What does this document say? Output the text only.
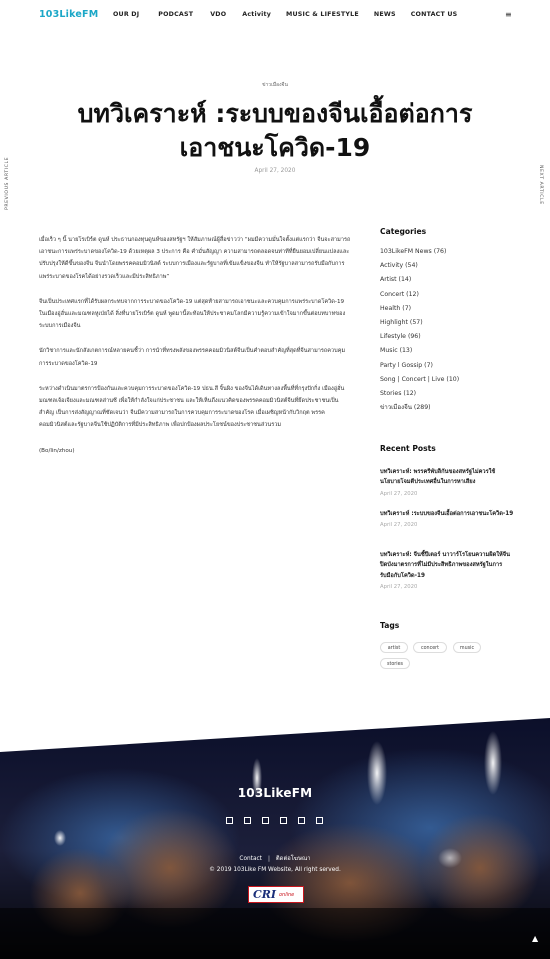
103LikeFM OUR DJ	PODCAST	VDO	Activity MUSIC & LIFESTYLE NEWS CONTACT US	≡
PREVIOUS ARTICLE	NEXT ARTICLE
ข่าวเมืองจีน
บทวิเคราะห์ :ระบบของจีนเอื้อต่อการเอาชนะโควิด-19
April 27, 2020

เมื่อเร็ว ๆ นี้ นายโรเบิร์ต ดูนห์ ประธานกองทุนดูนห์ของสหรัฐฯ ให้สัมภาษณ์ผู้สื่อข่าวว่า “ผมมีความมั่นใจตั้งแต่แรกว่า จีนจะสามารถเอาชนะการแพร่ระบาดของโควิด-19 ด้วยเหตุผล 3 ประการ คือ คำมั่นสัญญา ความสามารถตลอดจนท่าทีที่ยืนยอมเปลี่ยนแปลงและปรับปรุงให้ดีขึ้นของจีน จีนนำโดยพรรคคอมมิวนิสต์ ระบบการเมืองและรัฐบาลที่เข้มแข็งของจีน ทำให้รัฐบาลสามารถรับมือกับการแพร่ระบาดของโรคได้อย่างรวดเร็วและมีประสิทธิภาพ”

จีนเป็นประเทศแรกที่ได้รับผลกระทบจากการระบาดของโควิด-19 แต่สุดท้ายสามารถเอาชนะและควบคุมการแพร่ระบาดโควิด-19 ในเมืองอู่ฮั่นและมณฑลหูเป่ยได้ สิ่งที่นายโรเบิร์ต ดูนห์ พูดมานี้สะท้อนให้ประชาคมโลกมีความรู้ความเข้าใจมากขึ้นต่อบทบาทของระบบการเมืองจีน

นักวิชาการและนักสังเกตการณ์หลายคนชี้ว่า การนำที่ทรงพลังของพรรคคอมมิวนิสต์จีนเป็นคำตอบสำคัญที่สุดที่จีนสามารถควบคุมการระบาดของโควิด-19

ระหว่างดำเนินมาตรการป้องกันและควบคุมการระบาดของโควิด-19 ปธน.สี จิ้นผิง ของจีนได้เดินทางลงพื้นที่ที่กรุงปักกิ่ง เมืองอู่ฮั่น มณฑลเจ้อเจียงและมณฑลส่านซี เพื่อให้กำลังใจแก่ประชาชน และให้เห็นถึงแนวคิดของพรรคคอมมิวนิสต์จีนที่ยึดประชาชนเป็นสำคัญ เป็นการส่งสัญญาณที่ชัดเจนว่า จีนมีความสามารถในการควบคุมการระบาดของโรค เมื่อเผชิญหน้ากับวิกฤต พรรคคอมมิวนิสต์และรัฐบาลจีนใช้ปฏิบัติการที่มีประสิทธิภาพ เพื่อปกป้องผลประโยชน์ของประชาชนส่วนรวม

(Bo/lin/zhou)

Categories
103LikeFM News (76)
Activity (54)
Artist (14)
Concert (12)
Health (7)
Highlight (57)
Lifestyle (96)
Music (13)
Party l Gossip (7)
Song | Concert | Live (10)
Stories (12)
ข่าวเมืองจีน (289)
Recent Posts
บทวิเคราะห์: พรรครีพับลิกันของสหรัฐไม่ควรใช้นโยบายโจมตีประเทศอื่นในการหาเสียง
April 27, 2020
บทวิเคราะห์ :ระบบของจีนเอื้อต่อการเอาชนะโควิด-19
April 27, 2020
บทวิเคราะห์: จีนชี้ปีเตอร์ นาวาร์โรโยนความผิดให้จีนปิดบังมาตรการที่ไม่มีประสิทธิภาพของสหรัฐในการรับมือกับโควิด-19
April 27, 2020
Tags
artist	concert	music
stories
103LikeFM
Contact | ติดต่อโฆษณา
© 2019 103Like FM Website, All right served.
CRI online
▲
